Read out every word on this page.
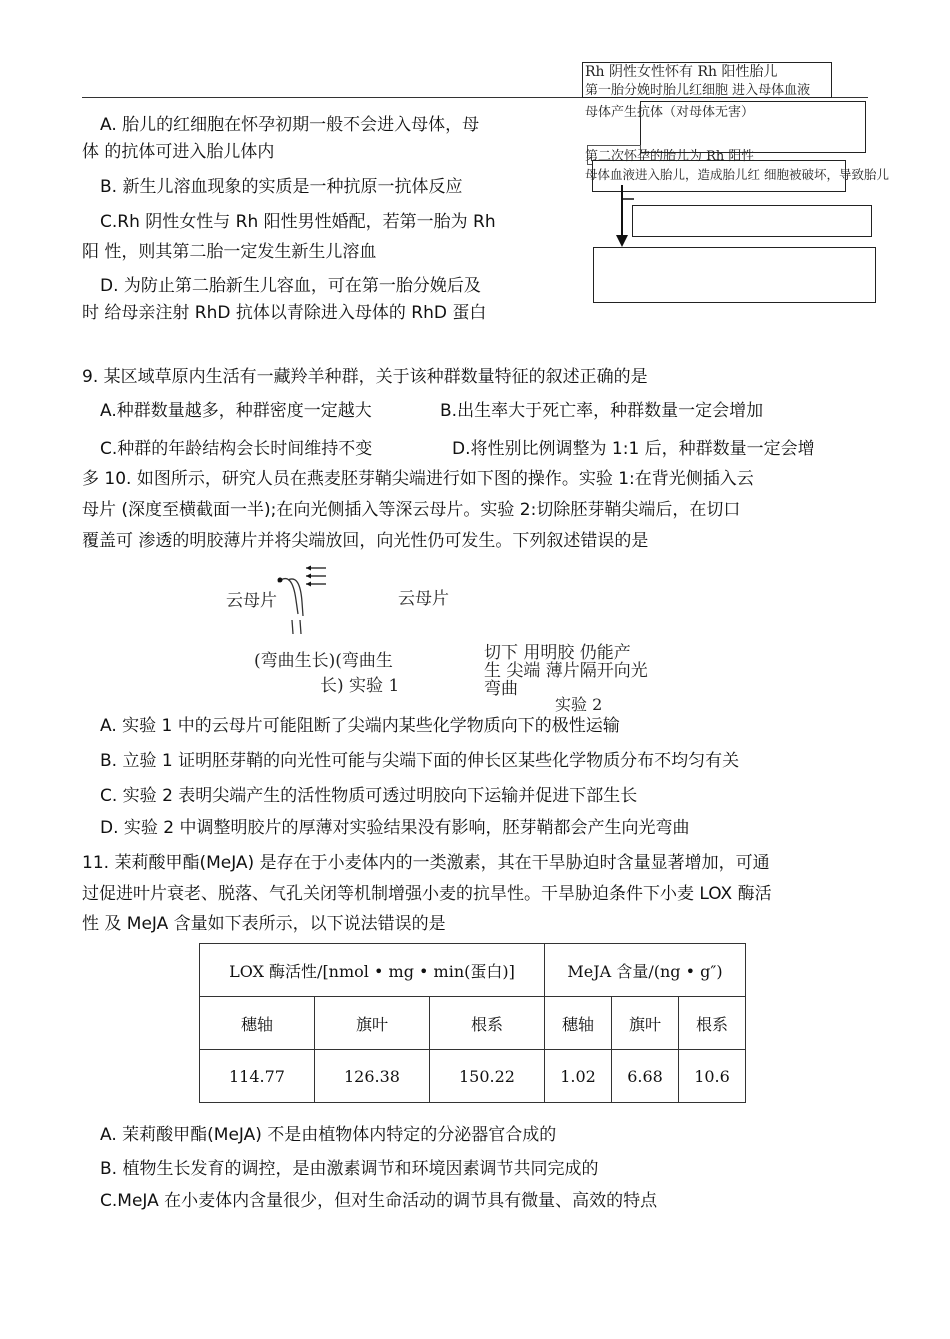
A. 胎儿的红细胞在怀孕初期一般不会进入母体，母
体 的抗体可进入胎儿体内
B. 新生儿溶血现象的实质是一种抗原一抗体反应
C.Rh 阴性女性与 Rh 阳性男性婚配，若第一胎为 Rh
阳 性，则其第二胎一定发生新生儿溶血
D. 为防止第二胎新生儿容血，可在第一胎分娩后及
时 给母亲注射 RhD 抗体以青除进入母体的 RhD 蛋白
Rh 阴性女性怀有 Rh 阳性胎儿
第一胎分娩时胎儿红细胞 进入母体血液
母体产生抗体（对母体无害）
第二次怀孕的胎儿为 Rh 阳性
母体血液进入胎儿，造成胎儿红 细胞被破坏，导致胎儿
9. 某区域草原内生活有一藏羚羊种群，关于该种群数量特征的叙述正确的是
A.种群数量越多，种群密度一定越大	B.出生率大于死亡率，种群数量一定会增加
C.种群的年龄结构会长时间维持不变	D.将性别比例调整为 1:1 后，种群数量一定会增
多 10. 如图所示，研究人员在燕麦胚芽鞘尖端进行如下图的操作。实验 1:在背光侧插入云
母片 (深度至横截面一半);在向光侧插入等深云母片。实验 2:切除胚芽鞘尖端后，在切口
覆盖可 渗透的明胶薄片并将尖端放回，向光性仍可发生。下列叙述错误的是
云母片	云母片
(弯曲生长)(弯曲生
长) 实验 1
切下 用明胶 仍能产
生 尖端 薄片隔开向光
弯曲
实验 2
A. 实验 1 中的云母片可能阻断了尖端内某些化学物质向下的极性运输
B. 立验 1 证明胚芽鞘的向光性可能与尖端下面的伸长区某些化学物质分布不均匀有关
C. 实验 2 表明尖端产生的活性物质可透过明胶向下运输并促进下部生长
D. 实验 2 中调整明胶片的厚薄对实验结果没有影响，胚芽鞘都会产生向光弯曲
11. 茉莉酸甲酯(MeJA) 是存在于小麦体内的一类激素，其在干旱胁迫时含量显著增加，可通
过促进叶片衰老、脱落、气孔关闭等机制增强小麦的抗旱性。干旱胁迫条件下小麦 LOX 酶活
性 及 MeJA 含量如下表所示，以下说法错误的是
LOX 酶活性/[nmol • mg • min(蛋白)]			MeJA 含量/(ng • g″)		
穗轴	旗叶	根系	穗轴	旗叶	根系
114.77	126.38	150.22	1.02	6.68	10.6
A. 茉莉酸甲酯(MeJA) 不是由植物体内特定的分泌器官合成的
B. 植物生长发育的调控，是由激素调节和环境因素调节共同完成的
C.MeJA 在小麦体内含量很少，但对生命活动的调节具有微量、高效的特点
